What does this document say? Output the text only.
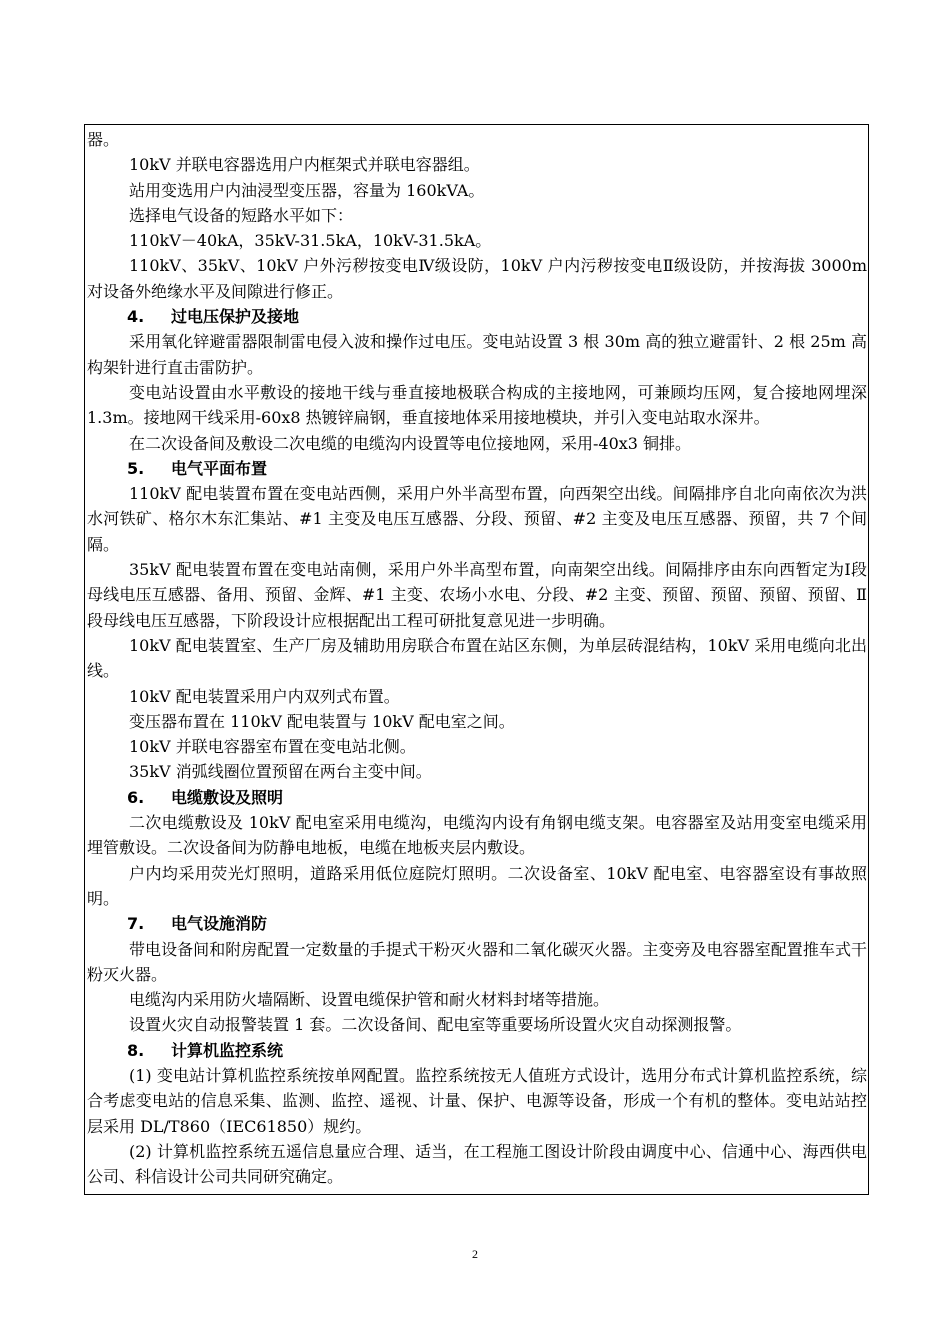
器。

10kV 并联电容器选用户内框架式并联电容器组。

站用变选用户内油浸型变压器，容量为 160kVA。

选择电气设备的短路水平如下：

110kV－40kA，35kV-31.5kA，10kV-31.5kA。

110kV、35kV、10kV 户外污秽按变电Ⅳ级设防，10kV 户内污秽按变电Ⅱ级设防，并按海拔 3000m 对设备外绝缘水平及间隙进行修正。

4. 过电压保护及接地

采用氧化锌避雷器限制雷电侵入波和操作过电压。变电站设置 3 根 30m 高的独立避雷针、2 根 25m 高构架针进行直击雷防护。

变电站设置由水平敷设的接地干线与垂直接地极联合构成的主接地网，可兼顾均压网，复合接地网埋深 1.3m。接地网干线采用-60x8 热镀锌扁钢，垂直接地体采用接地模块，并引入变电站取水深井。

在二次设备间及敷设二次电缆的电缆沟内设置等电位接地网，采用-40x3 铜排。

5. 电气平面布置

110kV 配电装置布置在变电站西侧，采用户外半高型布置，向西架空出线。间隔排序自北向南依次为洪水河铁矿、格尔木东汇集站、#1 主变及电压互感器、分段、预留、#2 主变及电压互感器、预留，共 7 个间隔。

35kV 配电装置布置在变电站南侧，采用户外半高型布置，向南架空出线。间隔排序由东向西暂定为Ⅰ段母线电压互感器、备用、预留、金辉、#1 主变、农场小水电、分段、#2 主变、预留、预留、预留、预留、Ⅱ段母线电压互感器，下阶段设计应根据配出工程可研批复意见进一步明确。

10kV 配电装置室、生产厂房及辅助用房联合布置在站区东侧，为单层砖混结构，10kV 采用电缆向北出线。

10kV 配电装置采用户内双列式布置。

变压器布置在 110kV 配电装置与 10kV 配电室之间。

10kV 并联电容器室布置在变电站北侧。

35kV 消弧线圈位置预留在两台主变中间。

6. 电缆敷设及照明

二次电缆敷设及 10kV 配电室采用电缆沟，电缆沟内设有角钢电缆支架。电容器室及站用变室电缆采用埋管敷设。二次设备间为防静电地板，电缆在地板夹层内敷设。

户内均采用荧光灯照明，道路采用低位庭院灯照明。二次设备室、10kV 配电室、电容器室设有事故照明。

7. 电气设施消防

带电设备间和附房配置一定数量的手提式干粉灭火器和二氧化碳灭火器。主变旁及电容器室配置推车式干粉灭火器。

电缆沟内采用防火墙隔断、设置电缆保护管和耐火材料封堵等措施。

设置火灾自动报警装置 1 套。二次设备间、配电室等重要场所设置火灾自动探测报警。

8. 计算机监控系统

(1) 变电站计算机监控系统按单网配置。监控系统按无人值班方式设计，选用分布式计算机监控系统，综合考虑变电站的信息采集、监测、监控、遥视、计量、保护、电源等设备，形成一个有机的整体。变电站站控层采用 DL/T860（IEC61850）规约。

(2) 计算机监控系统五遥信息量应合理、适当，在工程施工图设计阶段由调度中心、信通中心、海西供电公司、科信设计公司共同研究确定。

2
